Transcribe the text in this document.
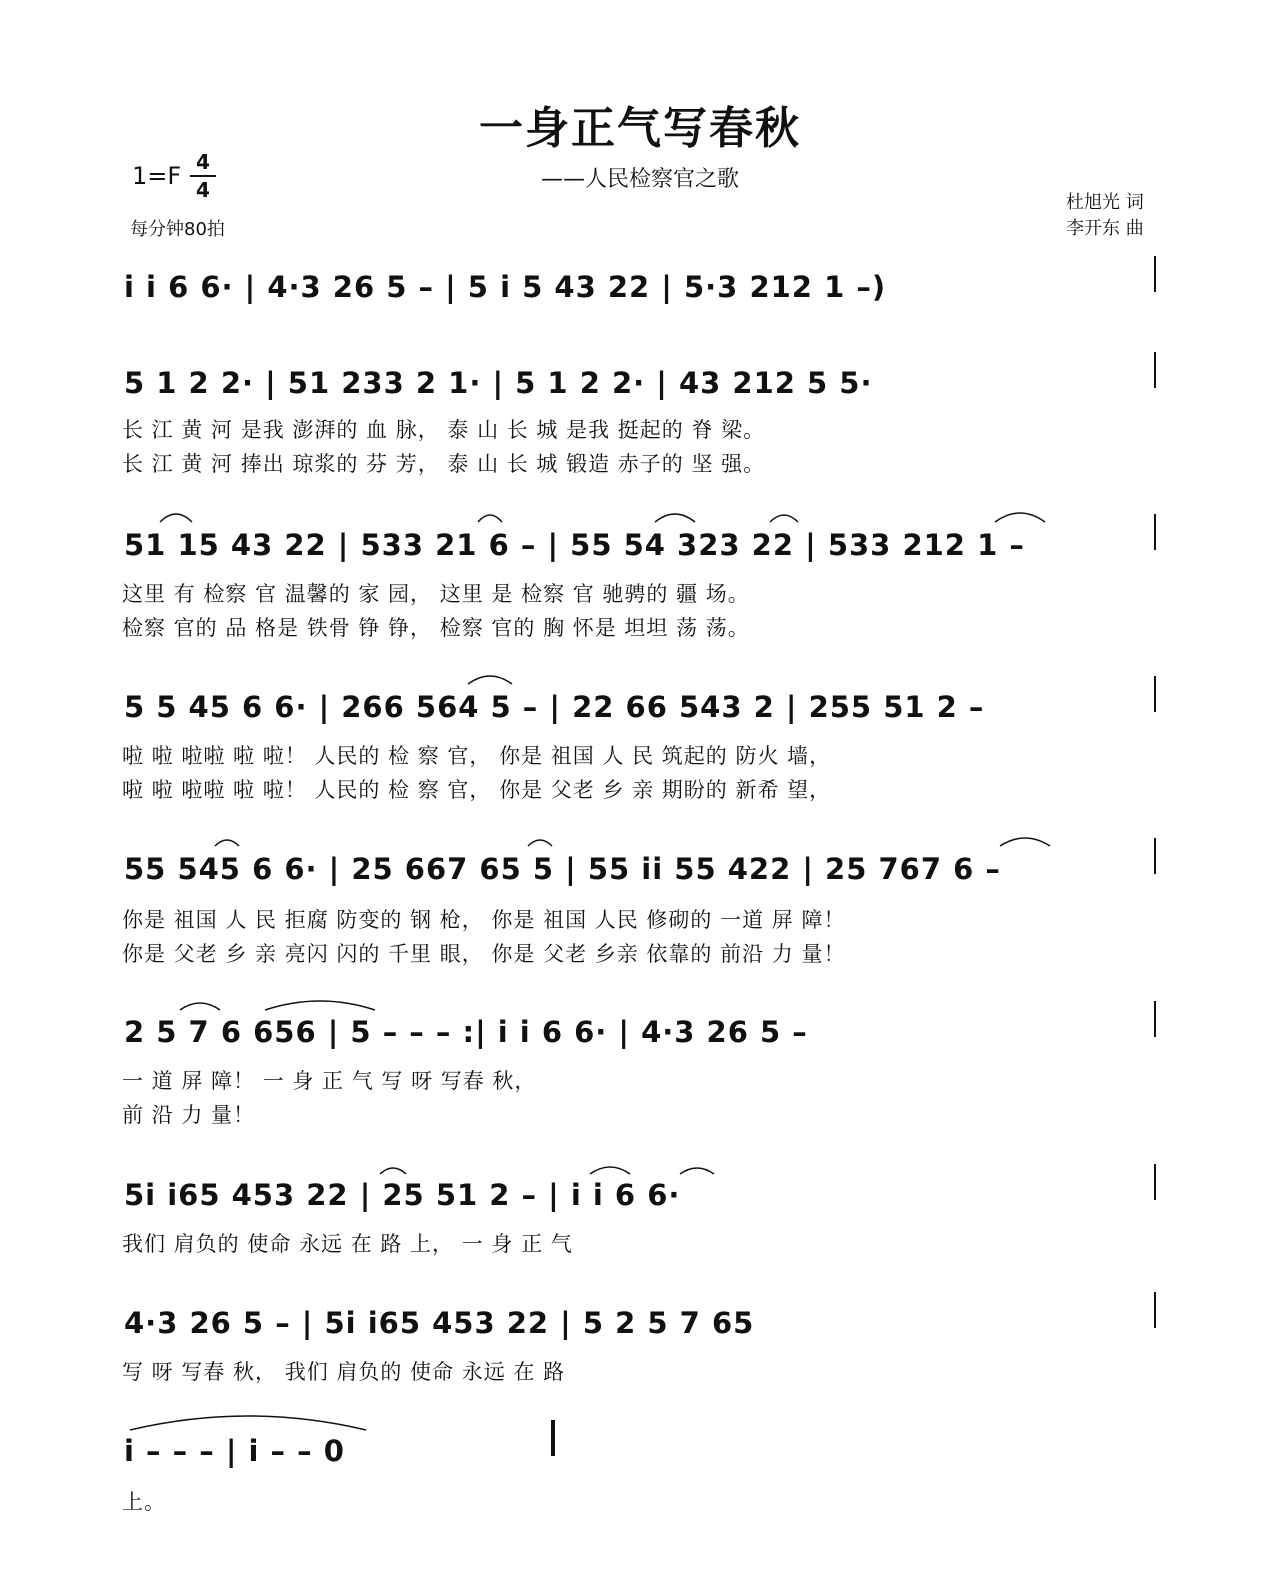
一身正气写春秋
——人民检察官之歌
1=F 4
4
每分钟80拍
杜旭光 词
李开东 曲
i i 6 6· | 4·3 26 5 – | 5 i 5 43 22 | 5·3 212 1 –)
5 1 2 2· | 51 233 2 1· | 5 1 2 2· | 43 212 5 5·
长 江 黄 河 是我 澎湃的 血 脉， 泰 山 长 城 是我 挺起的 脊 梁。
长 江 黄 河 捧出 琼浆的 芬 芳， 泰 山 长 城 锻造 赤子的 坚 强。
51 15 43 22 | 533 21 6 – | 55 54 323 22 | 533 212 1 –
这里 有 检察 官 温馨的 家 园， 这里 是 检察 官 驰骋的 疆 场。
检察 官的 品 格是 铁骨 铮 铮， 检察 官的 胸 怀是 坦坦 荡 荡。
5 5 45 6 6· | 266 564 5 – | 22 66 543 2 | 255 51 2 –
啦 啦 啦啦 啦 啦！ 人民的 检 察 官， 你是 祖国 人 民 筑起的 防火 墙，
啦 啦 啦啦 啦 啦！ 人民的 检 察 官， 你是 父老 乡 亲 期盼的 新希 望，
55 545 6 6· | 25 667 65 5 | 55 ii 55 422 | 25 767 6 –
你是 祖国 人 民 拒腐 防变的 钢 枪， 你是 祖国 人民 修砌的 一道 屏 障！
你是 父老 乡 亲 亮闪 闪的 千里 眼， 你是 父老 乡亲 依靠的 前沿 力 量！
2 5 7 6 656 | 5 – – – :| i i 6 6· | 4·3 26 5 –
一 道 屏 障！ 一 身 正 气 写 呀 写春 秋，
前 沿 力 量！
5i i65 453 22 | 25 51 2 – | i i 6 6·
我们 肩负的 使命 永远 在 路 上， 一 身 正 气
4·3 26 5 – | 5i i65 453 22 | 5 2 5 7 65
写 呀 写春 秋， 我们 肩负的 使命 永远 在 路
i – – – | i – – 0
上。
